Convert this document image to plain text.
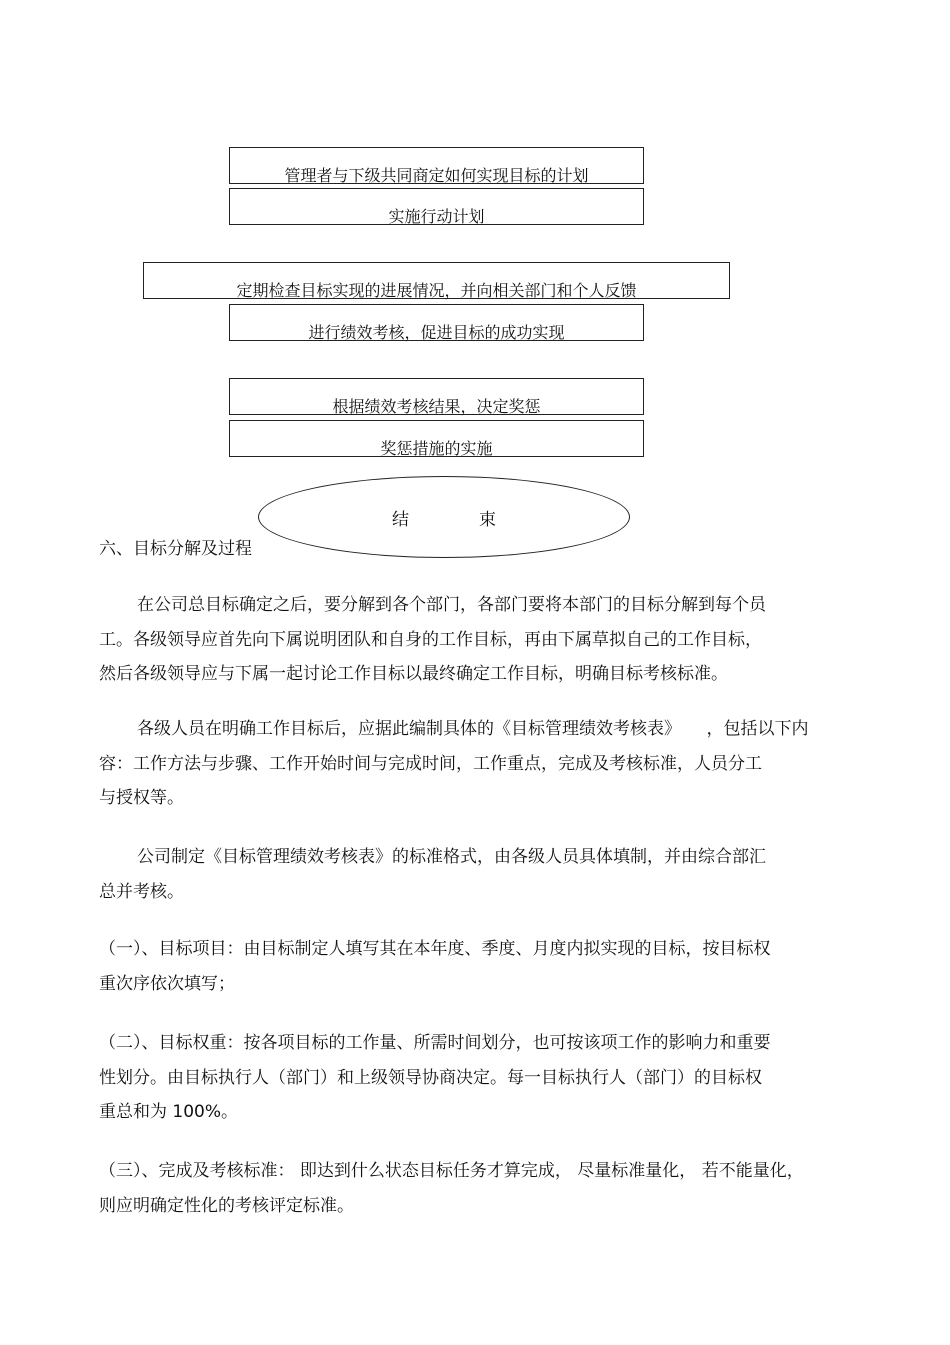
管理者与下级共同商定如何实现目标的计划
实施行动计划
定期检查目标实现的进展情况，并向相关部门和个人反馈
进行绩效考核，促进目标的成功实现
根据绩效考核结果，决定奖惩
奖惩措施的实施
结	束
六、目标分解及过程
在公司总目标确定之后，要分解到各个部门，各部门要将本部门的目标分解到每个员
工。各级领导应首先向下属说明团队和自身的工作目标，再由下属草拟自己的工作目标，
然后各级领导应与下属一起讨论工作目标以最终确定工作目标，明确目标考核标准。
各级人员在明确工作目标后，应据此编制具体的《目标管理绩效考核表》　　，包括以下内
容：工作方法与步骤、工作开始时间与完成时间，工作重点，完成及考核标准，人员分工
与授权等。
公司制定《目标管理绩效考核表》的标准格式，由各级人员具体填制，并由综合部汇
总并考核。
（一）、目标项目：由目标制定人填写其在本年度、季度、月度内拟实现的目标，按目标权
重次序依次填写；
（二）、目标权重：按各项目标的工作量、所需时间划分，也可按该项工作的影响力和重要
性划分。由目标执行人（部门）和上级领导协商决定。每一目标执行人（部门）的目标权
重总和为 100%。
（三）、完成及考核标准： 即达到什么状态目标任务才算完成， 尽量标准量化， 若不能量化，
则应明确定性化的考核评定标准。
